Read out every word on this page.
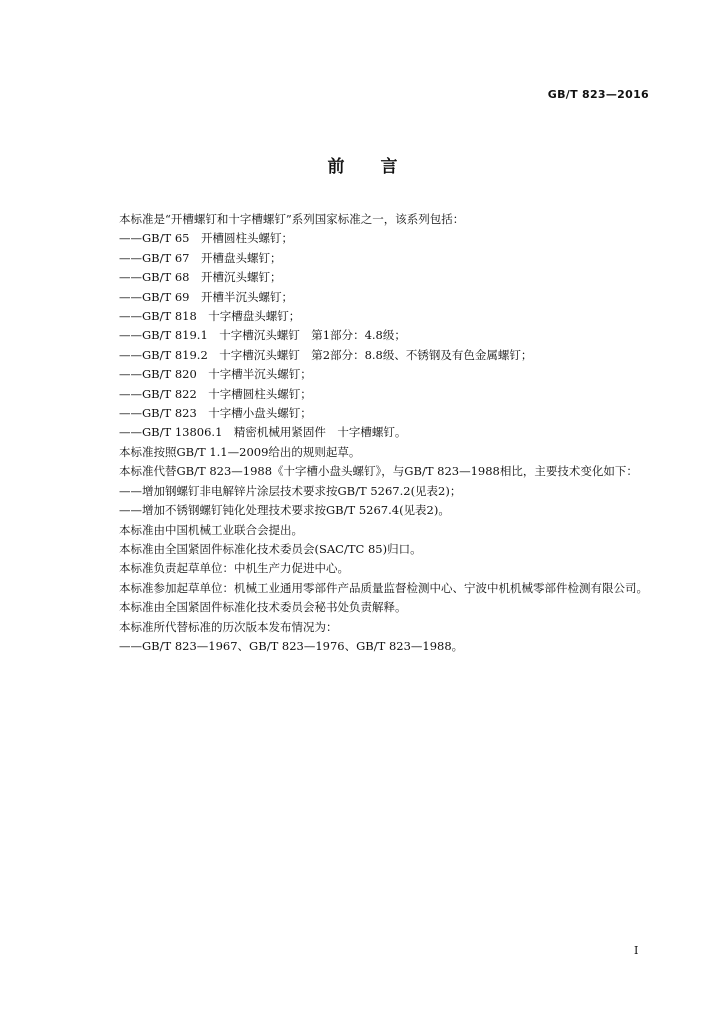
GB/T 823—2016
前言
本标准是“开槽螺钉和十字槽螺钉”系列国家标准之一，该系列包括：
——GB/T 65　开槽圆柱头螺钉；
——GB/T 67　开槽盘头螺钉；
——GB/T 68　开槽沉头螺钉；
——GB/T 69　开槽半沉头螺钉；
——GB/T 818　十字槽盘头螺钉；
——GB/T 819.1　十字槽沉头螺钉　第1部分：4.8级；
——GB/T 819.2　十字槽沉头螺钉　第2部分：8.8级、不锈钢及有色金属螺钉；
——GB/T 820　十字槽半沉头螺钉；
——GB/T 822　十字槽圆柱头螺钉；
——GB/T 823　十字槽小盘头螺钉；
——GB/T 13806.1　精密机械用紧固件　十字槽螺钉。
本标准按照GB/T 1.1—2009给出的规则起草。
本标准代替GB/T 823—1988《十字槽小盘头螺钉》，与GB/T 823—1988相比，主要技术变化如下：
——增加钢螺钉非电解锌片涂层技术要求按GB/T 5267.2(见表2)；
——增加不锈钢螺钉钝化处理技术要求按GB/T 5267.4(见表2)。
本标准由中国机械工业联合会提出。
本标准由全国紧固件标准化技术委员会(SAC/TC 85)归口。
本标准负责起草单位：中机生产力促进中心。
本标准参加起草单位：机械工业通用零部件产品质量监督检测中心、宁波中机机械零部件检测有限公司。
本标准由全国紧固件标准化技术委员会秘书处负责解释。
本标准所代替标准的历次版本发布情况为：
——GB/T 823—1967、GB/T 823—1976、GB/T 823—1988。
I
